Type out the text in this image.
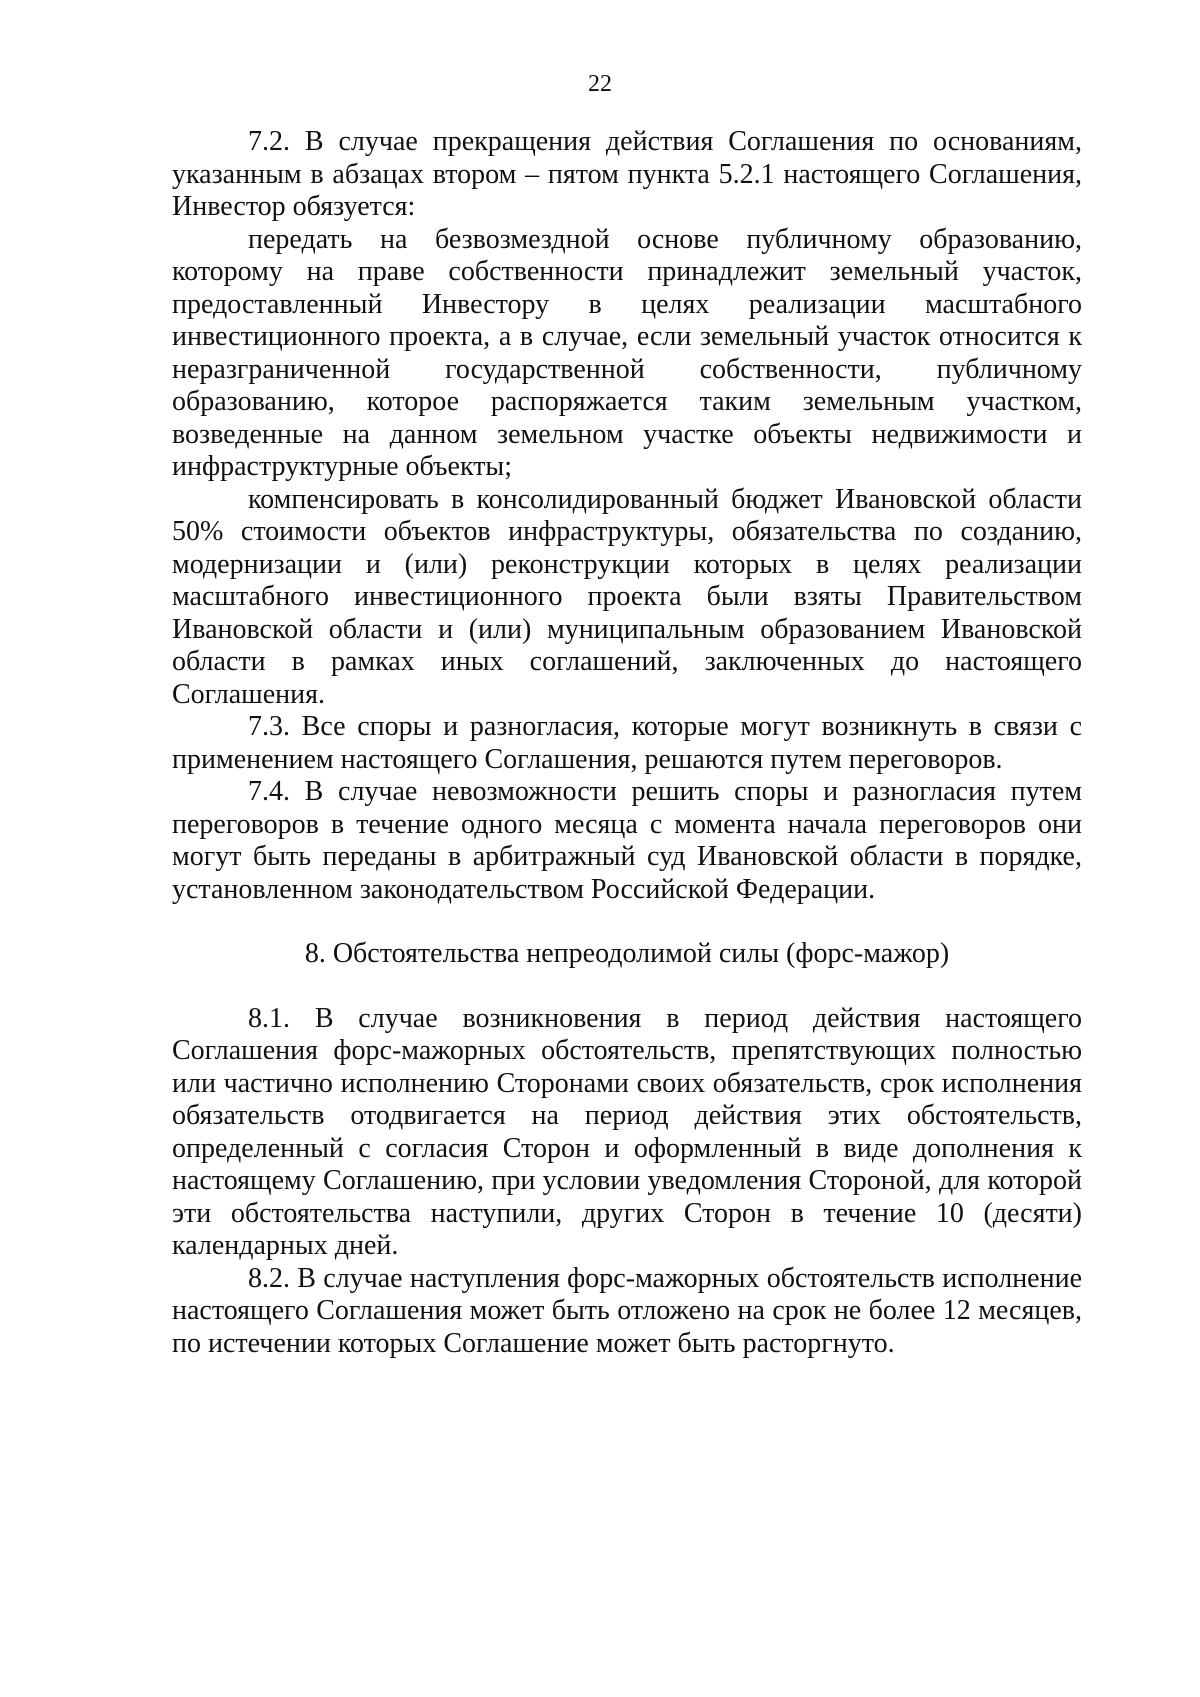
22

7.2. В случае прекращения действия Соглашения по основаниям, указанным в абзацах втором – пятом пункта 5.2.1 настоящего Соглашения, Инвестор обязуется:

передать на безвозмездной основе публичному образованию, которому на праве собственности принадлежит земельный участок, предоставленный Инвестору в целях реализации масштабного инвестиционного проекта, а в случае, если земельный участок относится к неразграниченной государственной собственности, публичному образованию, которое распоряжается таким земельным участком, возведенные на данном земельном участке объекты недвижимости и инфраструктурные объекты;

компенсировать в консолидированный бюджет Ивановской области 50% стоимости объектов инфраструктуры, обязательства по созданию, модернизации и (или) реконструкции которых в целях реализации масштабного инвестиционного проекта были взяты Правительством Ивановской области и (или) муниципальным образованием Ивановской области в рамках иных соглашений, заключенных до настоящего Соглашения.

7.3. Все споры и разногласия, которые могут возникнуть в связи с применением настоящего Соглашения, решаются путем переговоров.

7.4. В случае невозможности решить споры и разногласия путем переговоров в течение одного месяца с момента начала переговоров они могут быть переданы в арбитражный суд Ивановской области в порядке, установленном законодательством Российской Федерации.

8. Обстоятельства непреодолимой силы (форс-мажор)

8.1. В случае возникновения в период действия настоящего Соглашения форс-мажорных обстоятельств, препятствующих полностью или частично исполнению Сторонами своих обязательств, срок исполнения обязательств отодвигается на период действия этих обстоятельств, определенный с согласия Сторон и оформленный в виде дополнения к настоящему Соглашению, при условии уведомления Стороной, для которой эти обстоятельства наступили, других Сторон в течение 10 (десяти) календарных дней.

8.2. В случае наступления форс-мажорных обстоятельств исполнение настоящего Соглашения может быть отложено на срок не более 12 месяцев, по истечении которых Соглашение может быть расторгнуто.
